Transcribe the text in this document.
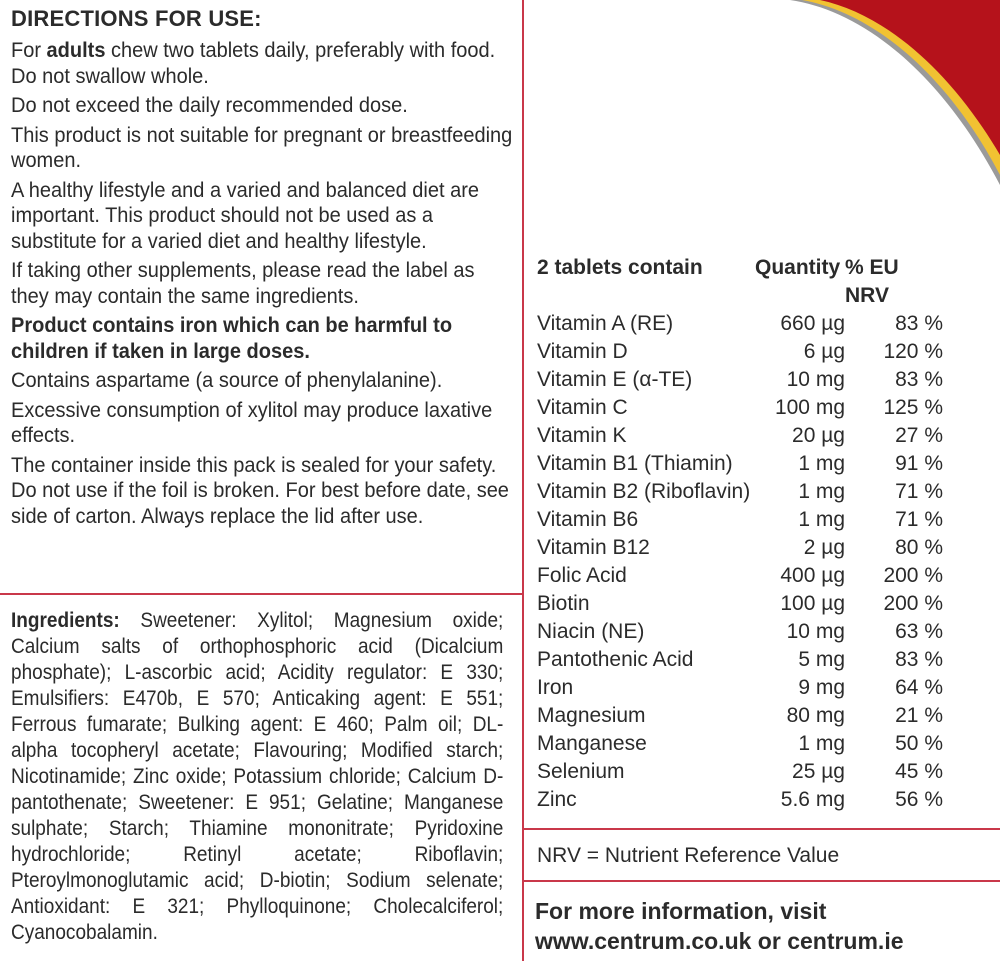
DIRECTIONS FOR USE:

For adults chew two tablets daily, preferably with food. Do not swallow whole.

Do not exceed the daily recommended dose.

This product is not suitable for pregnant or breastfeeding women.

A healthy lifestyle and a varied and balanced diet are important. This product should not be used as a substitute for a varied diet and healthy lifestyle.

If taking other supplements, please read the label as they may contain the same ingredients.

Product contains iron which can be harmful to children if taken in large doses.

Contains aspartame (a source of phenylalanine).

Excessive consumption of xylitol may produce laxative effects.

The container inside this pack is sealed for your safety. Do not use if the foil is broken. For best before date, see side of carton. Always replace the lid after use.

Ingredients: Sweetener: Xylitol; Magnesium oxide; Calcium salts of orthophosphoric acid (Dicalcium phosphate); L-ascorbic acid; Acidity regulator: E 330; Emulsifiers: E470b, E 570; Anticaking agent: E 551; Ferrous fumarate; Bulking agent: E 460; Palm oil; DL-alpha tocopheryl acetate; Flavouring; Modified starch; Nicotinamide; Zinc oxide; Potassium chloride; Calcium D-pantothenate; Sweetener: E 951; Gelatine; Manganese sulphate; Starch; Thiamine mononitrate; Pyridoxine hydrochloride; Retinyl acetate; Riboflavin; Pteroylmonoglutamic acid; D-biotin; Sodium selenate; Antioxidant: E 321; Phylloquinone; Cholecalciferol; Cyanocobalamin.
2 tablets contain	Quantity	% EU
NRV
Vitamin A (RE)	660 µg	83 %
Vitamin D	6 µg	120 %
Vitamin E (α-TE)	10 mg	83 %
Vitamin C	100 mg	125 %
Vitamin K	20 µg	27 %
Vitamin B1 (Thiamin)	1 mg	91 %
Vitamin B2 (Riboflavin)	1 mg	71 %
Vitamin B6	1 mg	71 %
Vitamin B12	2 µg	80 %
Folic Acid	400 µg	200 %
Biotin	100 µg	200 %
Niacin (NE)	10 mg	63 %
Pantothenic Acid	5 mg	83 %
Iron	9 mg	64 %
Magnesium	80 mg	21 %
Manganese	1 mg	50 %
Selenium	25 µg	45 %
Zinc	5.6 mg	56 %
NRV = Nutrient Reference Value
For more information, visit
www.centrum.co.uk or centrum.ie
